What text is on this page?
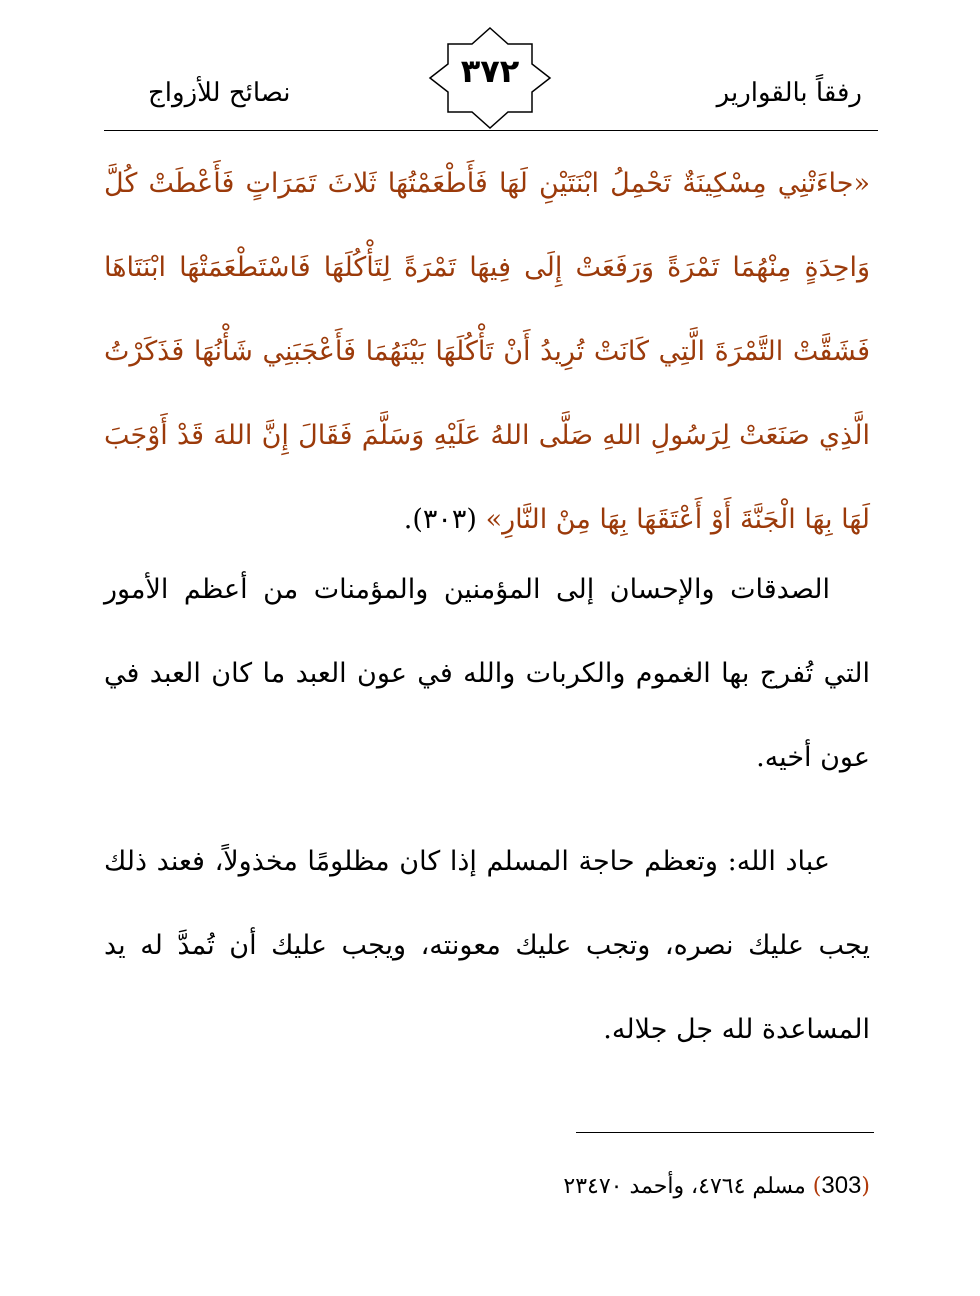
رفقاً بالقوارير
٣٧٢
نصائح للأزواج
«جاءَتْنِي مِسْكِينَةٌ تَحْمِلُ ابْنَتَيْنِ لَهَا فَأَطْعَمْتُهَا ثَلاثَ تَمَرَاتٍ فَأَعْطَتْ كُلَّ وَاحِدَةٍ مِنْهُمَا تَمْرَةً وَرَفَعَتْ إِلَى فِيهَا تَمْرَةً لِتَأْكُلَهَا فَاسْتَطْعَمَتْهَا ابْنَتَاهَا فَشَقَّتْ التَّمْرَةَ الَّتِي كَانَتْ تُرِيدُ أَنْ تَأْكُلَهَا بَيْنَهُمَا فَأَعْجَبَنِي شَأْنُهَا فَذَكَرْتُ الَّذِي صَنَعَتْ لِرَسُولِ اللهِ صَلَّى اللهُ عَلَيْهِ وَسَلَّمَ فَقَالَ إِنَّ اللهَ قَدْ أَوْجَبَ لَهَا بِهَا الْجَنَّةَ أَوْ أَعْتَقَهَا بِهَا مِنْ النَّارِ» (٣٠٣).
الصدقات والإحسان إلى المؤمنين والمؤمنات من أعظم الأمور التي تُفرج بها الغموم والكربات والله في عون العبد ما كان العبد في عون أخيه.
عباد الله: وتعظم حاجة المسلم إذا كان مظلومًا مخذولاً، فعند ذلك يجب عليك نصره، وتجب عليك معونته، ويجب عليك أن تُمدَّ له يد المساعدة لله جل جلاله.
(303) مسلم ٤٧٦٤، وأحمد ٢٣٤٧٠
